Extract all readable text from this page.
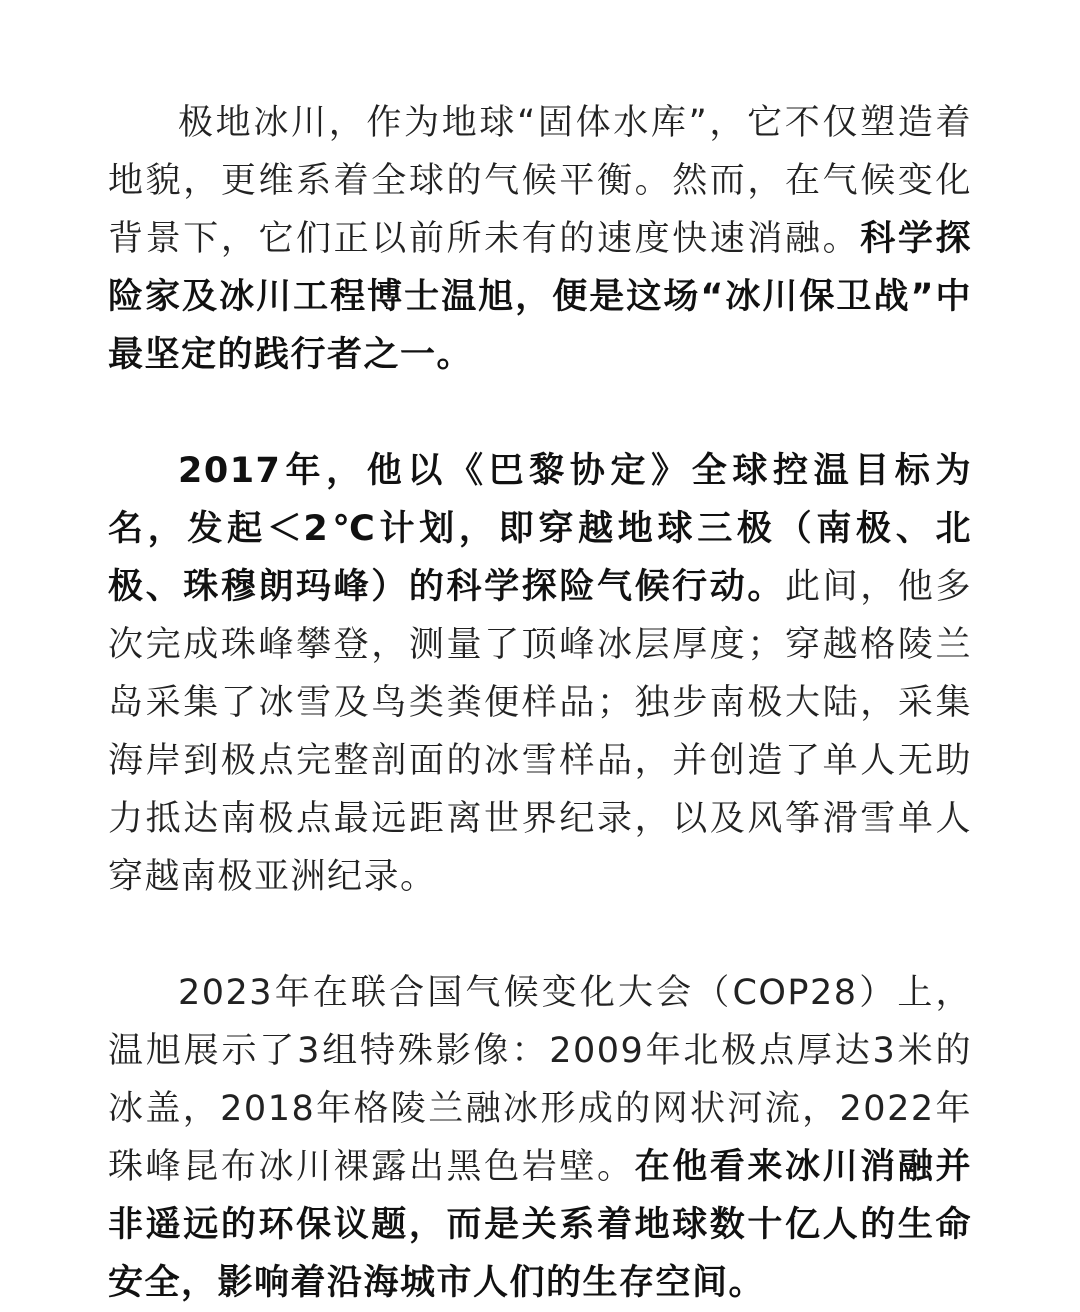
极地冰川，作为地球“固体水库”，它不仅塑造着地貌，更维系着全球的气候平衡。然而，在气候变化背景下，它们正以前所未有的速度快速消融。科学探险家及冰川工程博士温旭，便是这场“冰川保卫战”中最坚定的践行者之一。

2017年，他以《巴黎协定》全球控温目标为名，发起＜2℃计划，即穿越地球三极（南极、北极、珠穆朗玛峰）的科学探险气候行动。此间，他多次完成珠峰攀登，测量了顶峰冰层厚度；穿越格陵兰岛采集了冰雪及鸟类粪便样品；独步南极大陆，采集海岸到极点完整剖面的冰雪样品，并创造了单人无助力抵达南极点最远距离世界纪录，以及风筝滑雪单人穿越南极亚洲纪录。

2023年在联合国气候变化大会（COP28）上，温旭展示了3组特殊影像：2009年北极点厚达3米的冰盖，2018年格陵兰融冰形成的网状河流，2022年珠峰昆布冰川裸露出黑色岩壁。在他看来冰川消融并非遥远的环保议题，而是关系着地球数十亿人的生命安全，影响着沿海城市人们的生存空间。
